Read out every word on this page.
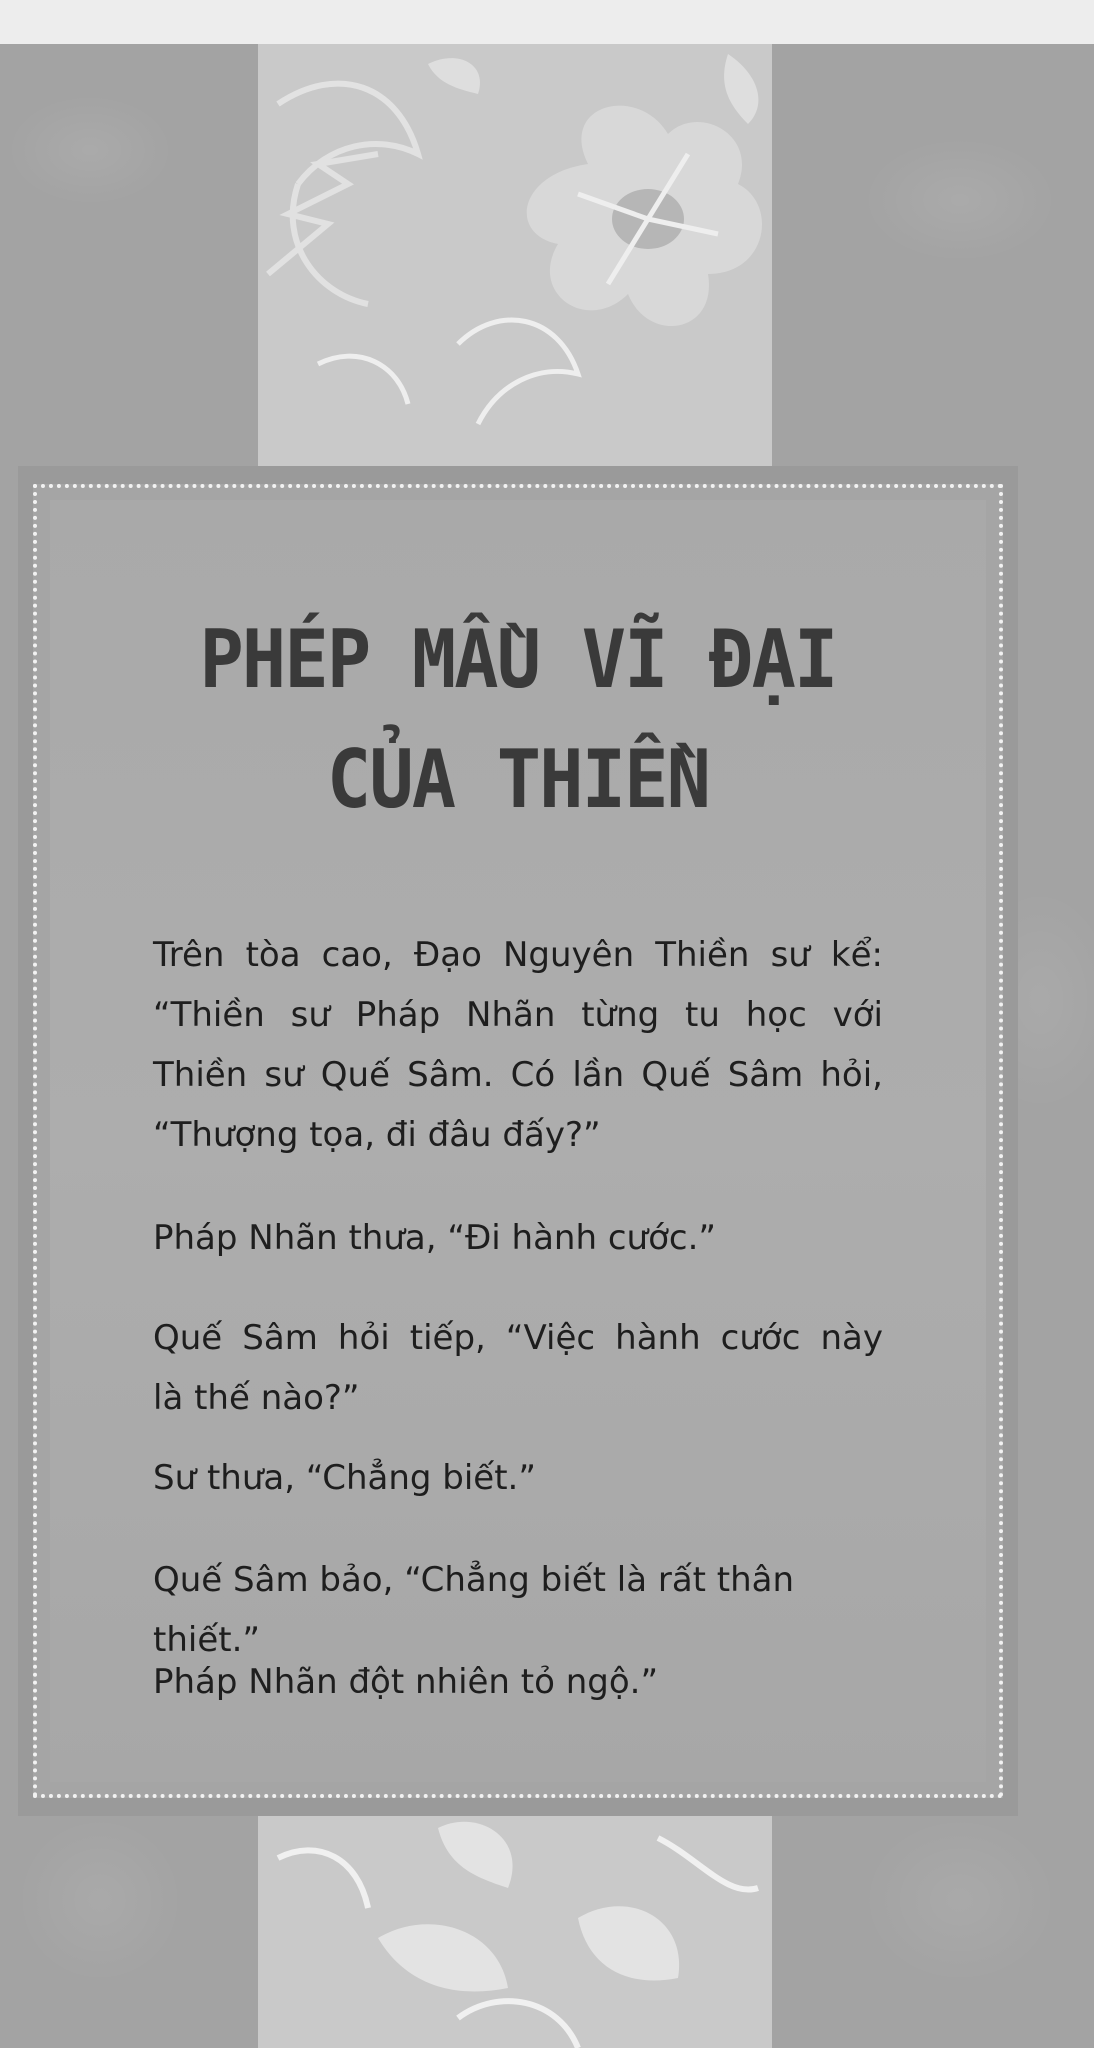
PHÉP MẦU VĨ ĐẠI
CỦA THIỀN
Trên tòa cao, Đạo Nguyên Thiền sư kể:
“Thiền sư Pháp Nhãn từng tu học với
Thiền sư Quế Sâm. Có lần Quế Sâm hỏi,
“Thượng tọa, đi đâu đấy?”
Pháp Nhãn thưa, “Đi hành cước.”
Quế Sâm hỏi tiếp, “Việc hành cước này
là thế nào?”
Sư thưa, “Chẳng biết.”
Quế Sâm bảo, “Chẳng biết là rất thân thiết.”
Pháp Nhãn đột nhiên tỏ ngộ.”
